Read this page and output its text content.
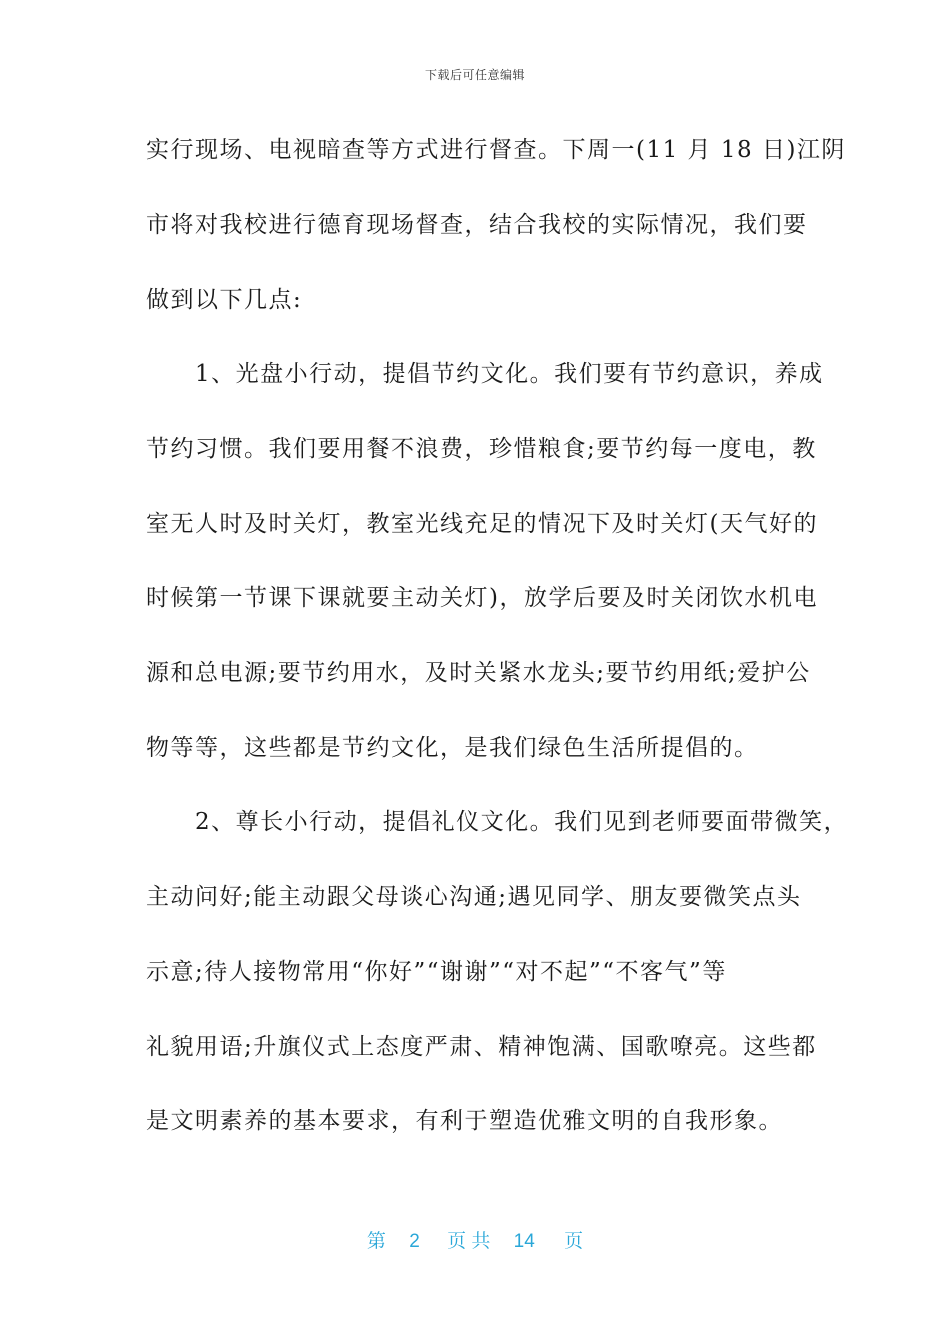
下载后可任意编辑
实行现场、电视暗查等方式进行督查。下周一(11 月 18 日)江阴
市将对我校进行德育现场督查，结合我校的实际情况，我们要
做到以下几点:
　　1、光盘小行动，提倡节约文化。我们要有节约意识，养成
节约习惯。我们要用餐不浪费，珍惜粮食;要节约每一度电，教
室无人时及时关灯，教室光线充足的情况下及时关灯(天气好的
时候第一节课下课就要主动关灯)，放学后要及时关闭饮水机电
源和总电源;要节约用水，及时关紧水龙头;要节约用纸;爱护公
物等等，这些都是节约文化，是我们绿色生活所提倡的。
　　2、尊长小行动，提倡礼仪文化。我们见到老师要面带微笑，
主动问好;能主动跟父母谈心沟通;遇见同学、朋友要微笑点头
示意;待人接物常用“你好”“谢谢”“对不起”“不客气”等
礼貌用语;升旗仪式上态度严肃、精神饱满、国歌嘹亮。这些都
是文明素养的基本要求，有利于塑造优雅文明的自我形象。
第 2 页 共 14 页
